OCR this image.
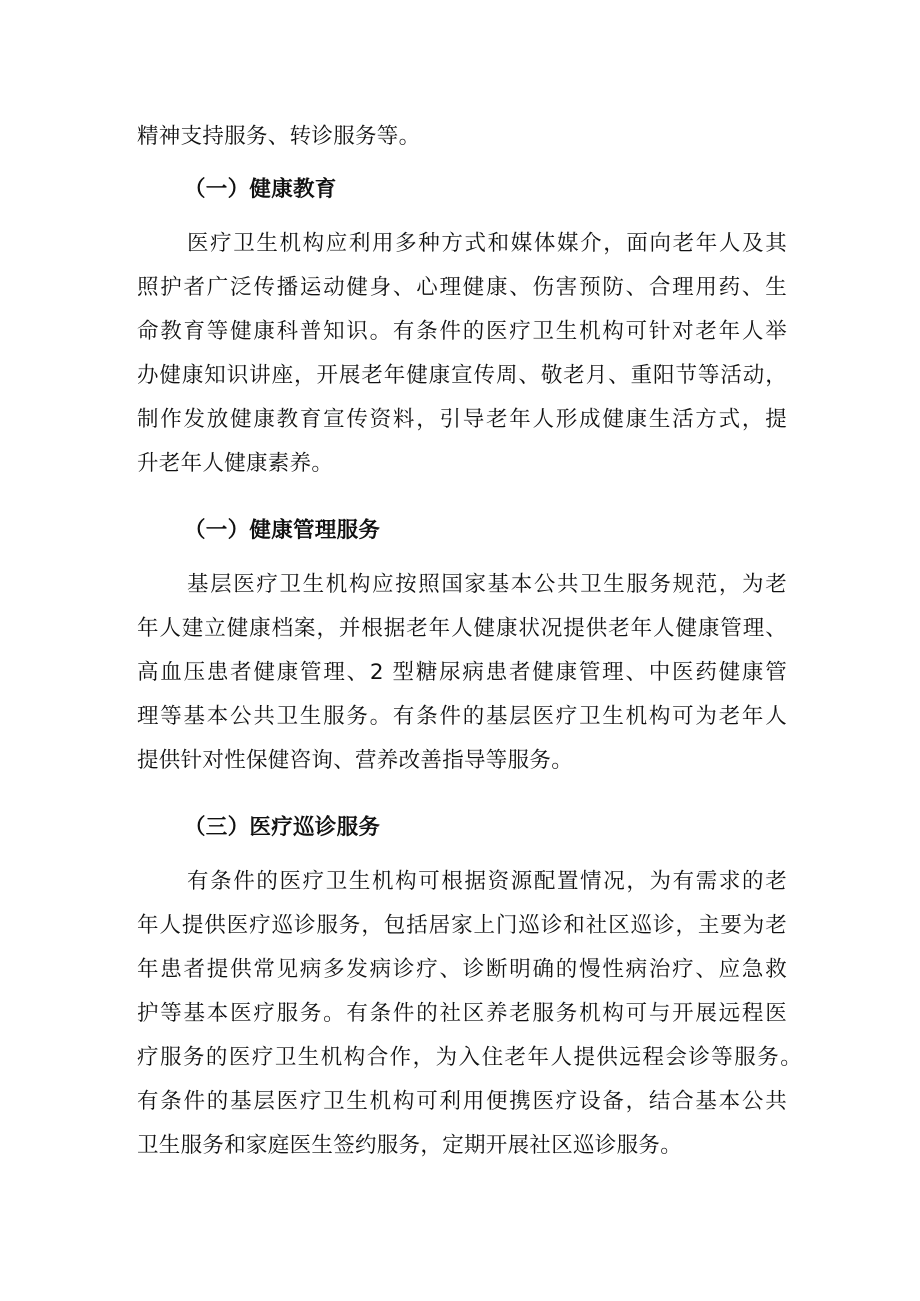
精神支持服务、转诊服务等。
（一）健康教育
医疗卫生机构应利用多种方式和媒体媒介，面向老年人及其
照护者广泛传播运动健身、心理健康、伤害预防、合理用药、生
命教育等健康科普知识。有条件的医疗卫生机构可针对老年人举
办健康知识讲座，开展老年健康宣传周、敬老月、重阳节等活动，
制作发放健康教育宣传资料，引导老年人形成健康生活方式，提
升老年人健康素养。
（一）健康管理服务
基层医疗卫生机构应按照国家基本公共卫生服务规范，为老
年人建立健康档案，并根据老年人健康状况提供老年人健康管理、
高血压患者健康管理、2 型糖尿病患者健康管理、中医药健康管
理等基本公共卫生服务。有条件的基层医疗卫生机构可为老年人
提供针对性保健咨询、营养改善指导等服务。
（三）医疗巡诊服务
有条件的医疗卫生机构可根据资源配置情况，为有需求的老
年人提供医疗巡诊服务，包括居家上门巡诊和社区巡诊，主要为老
年患者提供常见病多发病诊疗、诊断明确的慢性病治疗、应急救
护等基本医疗服务。有条件的社区养老服务机构可与开展远程医
疗服务的医疗卫生机构合作，为入住老年人提供远程会诊等服务。
有条件的基层医疗卫生机构可利用便携医疗设备，结合基本公共
卫生服务和家庭医生签约服务，定期开展社区巡诊服务。
